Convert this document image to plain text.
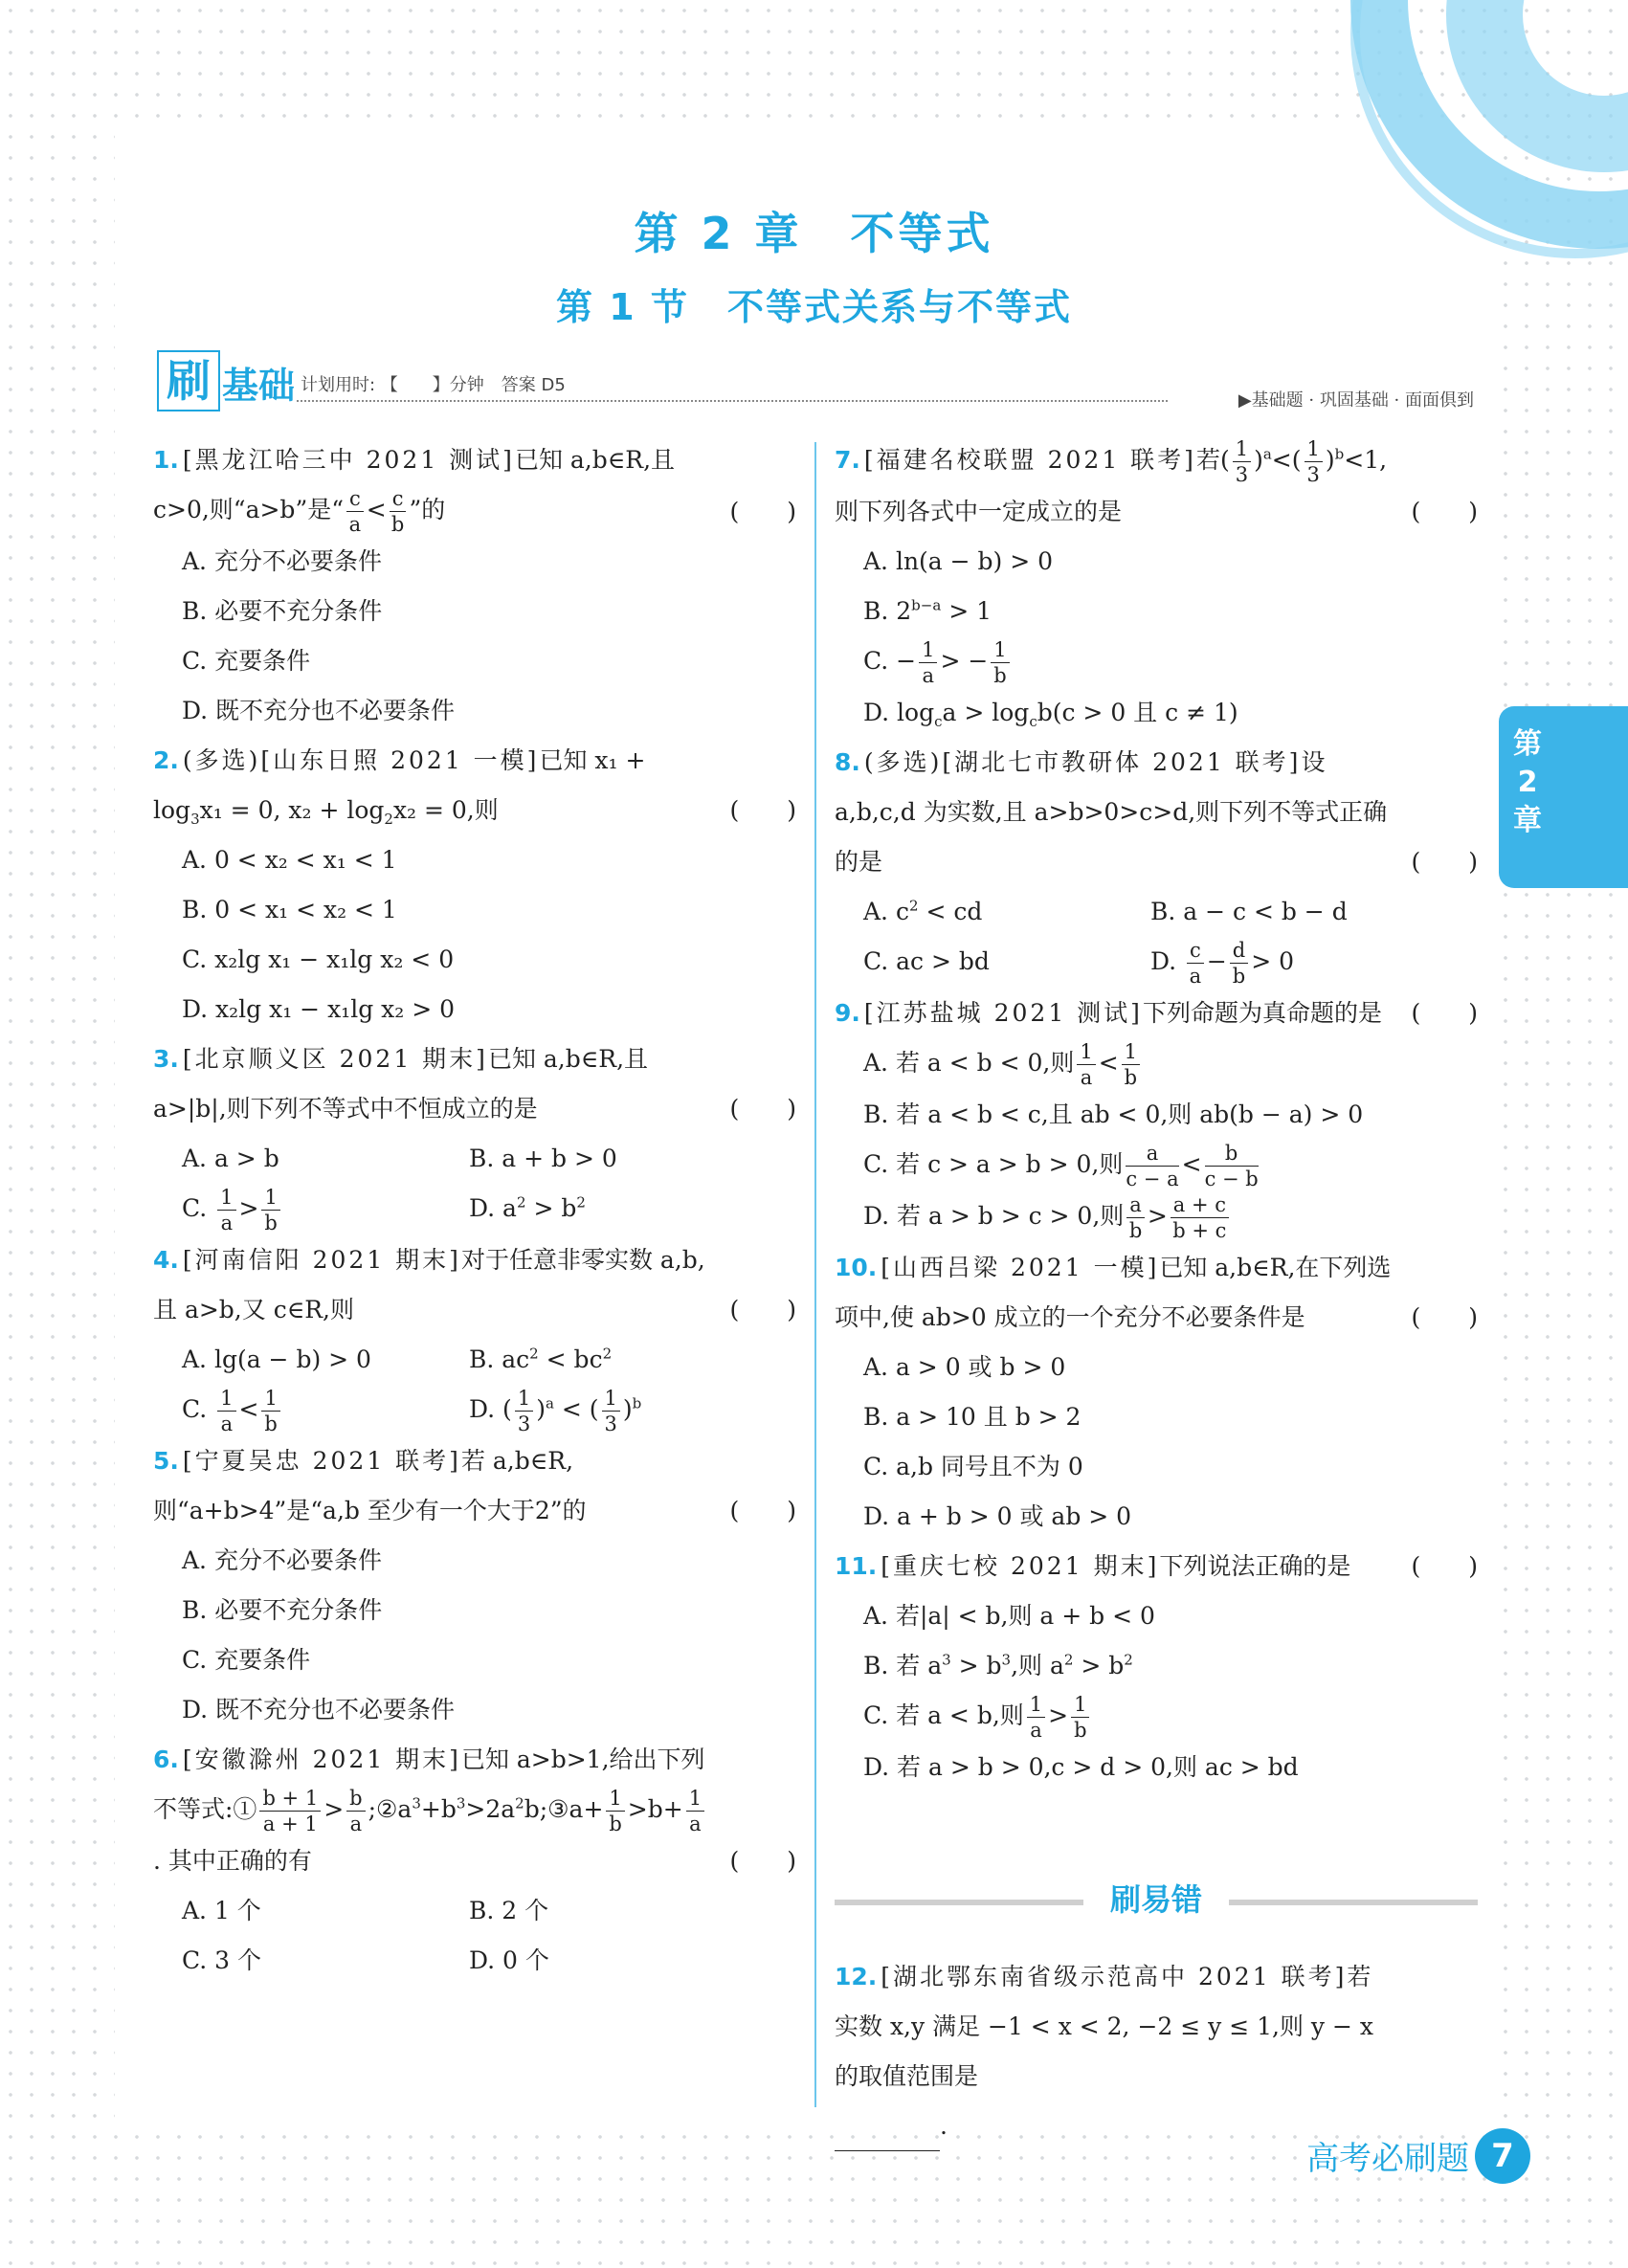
第 2 章　不等式
第 1 节　不等式关系与不等式
刷 基础 计划用时: 【　　】分钟　答案 D5
▶基础题 · 巩固基础 · 面面俱到
1. [黑龙江哈三中 2021 测试]已知 a,b∈R,且 c>0,则“a>b”是“ $\frac{c}{a} < \frac{c}{b}$ ”的	(　　)
A. 充分不必要条件
B. 必要不充分条件
C. 充要条件
D. 既不充分也不必要条件
2. (多选)[山东日照 2021 一模]已知 $x_1 + \log_3x_1 = 0$, $x_2 + \log_2x_2 = 0$,则	(　　)
A. 0 < x₂ < x₁ < 1
B. 0 < x₁ < x₂ < 1
C. x₂lg x₁ − x₁lg x₂ < 0
D. x₂lg x₁ − x₁lg x₂ > 0
3. [北京顺义区 2021 期末]已知 a,b∈R,且 a>|b|,则下列不等式中不恒成立的是	(　　)
A. a > b	B. a + b > 0
C. $\frac{1}{a} > \frac{1}{b}$	D. $a^2 > b^2$
4. [河南信阳 2021 期末]对于任意非零实数 a,b,且 a>b,又 c∈R,则	(　　)
A. lg(a − b) > 0	B. $ac^2 < bc^2$
C. $\frac{1}{a} < \frac{1}{b}$	D. ( $\frac{1}{3} )^a$ < ( $\frac{1}{3} )^b$
5. [宁夏吴忠 2021 联考]若 a,b∈R,则“a+b>4”是“a,b 至少有一个大于2”的	(　　)
A. 充分不必要条件
B. 必要不充分条件
C. 充要条件
D. 既不充分也不必要条件
6. [安徽滁州 2021 期末]已知 a>b>1,给出下列不等式:① $\frac{b + 1}{a + 1} > \frac{b}{a}$ $;②a^3+b^3>2a^2b;③a+ \frac{1}{b} >b+ \frac{1}{a}$
. 其中正确的有	(　　)
A. 1 个	B. 2 个
C. 3 个	D. 0 个
7. [福建名校联盟 2021 联考]若( $\frac{1}{3} )^a<( \frac{1}{3} )^b<1$,则下列各式中一定成立的是	(　　)
A. ln(a − b) > 0
B. $2^{b-a} > 1$
C. − $\frac{1}{a}$ > − $\frac{1}{b}$
D. $\log_ca > \log_cb(c > 0$ 且 c ≠ 1)
8. (多选)[湖北七市教研体 2021 联考]设 a,b,c,d 为实数,且 a>b>0>c>d,则下列不等式正确的是	(　　)
A. $c^2$ < cd	B. a − c < b − d
C. ac > bd	D. $\frac{c}{a} - \frac{d}{b} > 0$
9. [江苏盐城 2021 测试]下列命题为真命题的是 (　　)
A. 若 a < b < 0,则 $\frac{1}{a} < \frac{1}{b}$
B. 若 a < b < c,且 ab < 0,则 ab(b − a) > 0
C. 若 c > a > b > 0,则 $\frac{a}{c - a} < \frac{b}{c - b}$
D. 若 a > b > c > 0,则 $\frac{a}{b} > \frac{a + c}{b + c}$
10. [山西吕梁 2021 一模]已知 a,b∈R,在下列选项中,使 ab>0 成立的一个充分不必要条件是	(　　)
A. a > 0 或 b > 0
B. a > 10 且 b > 2
C. a,b 同号且不为 0
D. a + b > 0 或 ab > 0
11. [重庆七校 2021 期末]下列说法正确的是	(　　)
A. 若|a| < b,则 a + b < 0
B. 若 $a^3 > b^3$,则 $a^2 > b^2$
C. 若 a < b,则 $\frac{1}{a} > \frac{1}{b}$
D. 若 a > b > 0,c > d > 0,则 ac > bd
刷易错
12. [湖北鄂东南省级示范高中 2021 联考]若实数 x,y 满足 −1 < x < 2, −2 ≤ y ≤ 1,则 y − x 的取值范围是
.
第
2
章
高考必刷题 7
